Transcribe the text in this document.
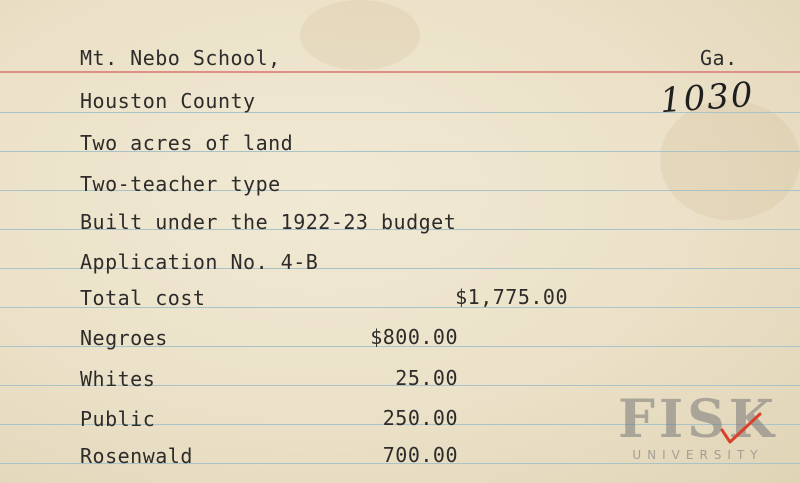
Mt. Nebo School,	Ga.
Houston County	1030
Two acres of land
Two-teacher type
Built under the 1922-23 budget
Application No. 4-B
Total cost	$1,775.00
Negroes	$800.00
Whites	25.00
Public	250.00
Rosenwald	700.00
FISK
UNIVERSITY
